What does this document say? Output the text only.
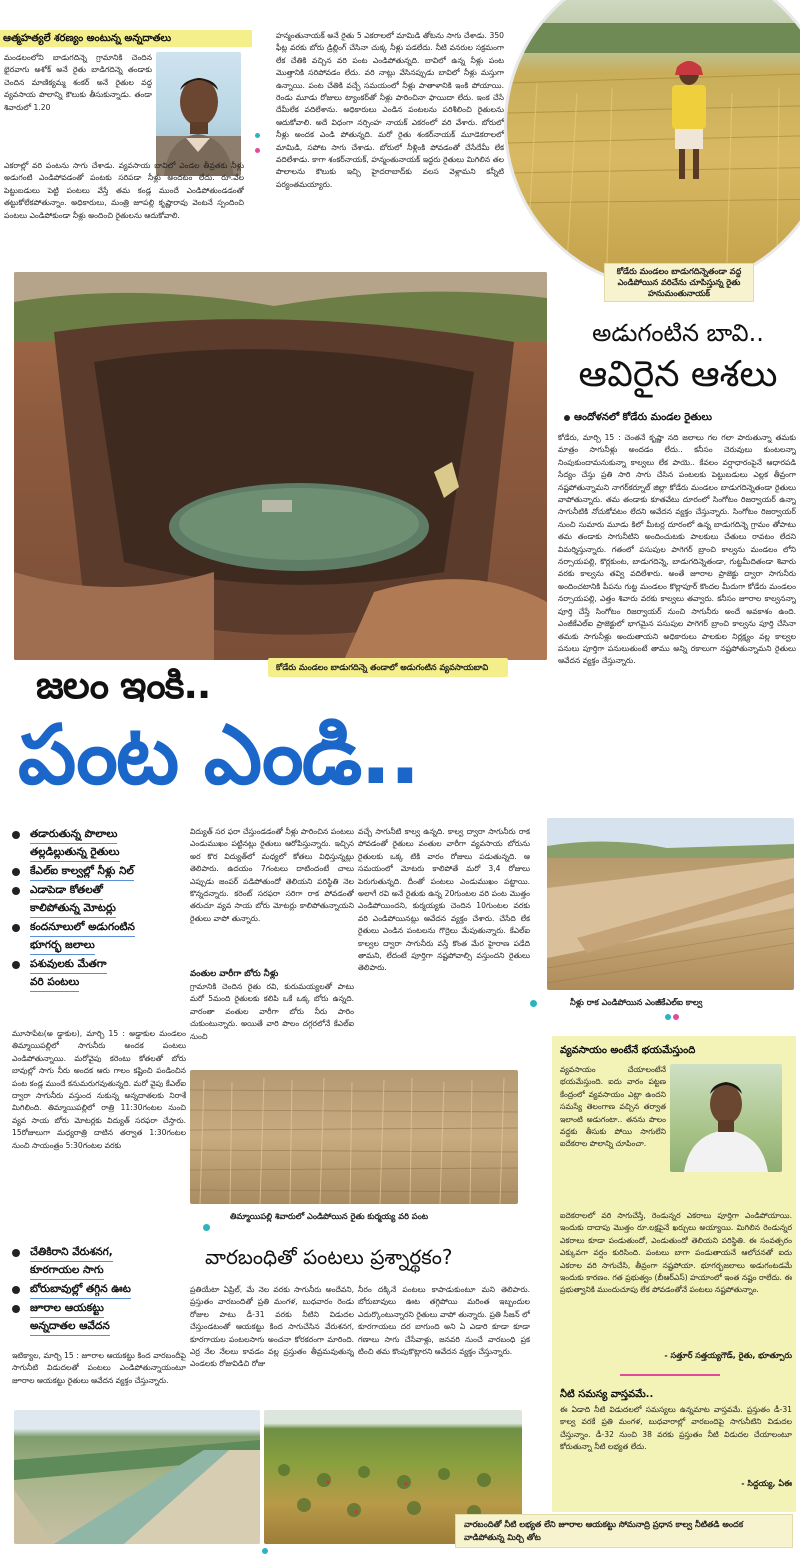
ఆత్మహత్యలే శరణ్యం అంటున్న అన్నదాతలు
మండలంలోని బాడుగదిన్నె గ్రామానికి చెందిన భైరవాగు అశోక్ అనే రైతు బాడిగదిన్నె తండాకు చెందిన మాణిక్యమ్మ శంకర్ అనే రైతుల వద్ద వ్యవసాయ పొలాన్ని కౌలుకు తీసుకున్నాడు. తండా శివారులో 1.20
ఎకరాల్లో వరి పంటను సాగు చేశాడు. వ్యవసాయ బావిలో ఎండల తీవ్రతకు నీళ్లు అడుగంటి ఎండిపోవడంతో పంటకు సరిపడా నీళ్లు అందటం లేదు. రూ.వేల పెట్టుబడులు పెట్టి పంటలు వేస్తే తమ కండ్ల ముందే ఎండిపోతుండడంతో తట్టుకోలేకపోతున్నాం. అధికారులు, మంత్రి జూపల్లి కృష్ణారావు వెంటనే స్పందించి పంటలు ఎండిపోకుండా నీళ్లు అందించి రైతులను ఆదుకోవాలి.
హన్మంతునాయక్ అనే రైతు 5 ఎకరాలలో మామిడి తోటను సాగు చేశాడు. 350 ఫీట్ల వరకు బోరు డ్రిల్లింగ్ చేసినా చుక్క నీళ్లు పడలేదు. నీటి వనరుల సక్రమంగా లేక చేతికి వచ్చిన వరి పంట ఎండిపోతున్నది. బావిలో ఉన్న నీళ్లు పంట మొత్తానికి సరిపోవడం లేదు. వరి నాట్లు వేసినప్పుడు బావిలో నీళ్లు మస్తుగా ఉన్నాయి. పంట చేతికి వచ్చే సమయంలో నీళ్లు పాతాళానికి ఇంకి పోయాయి. రెండు మూడు రోజులు ట్యాంకర్‌తో నీళ్లు పారించినా ఫాయిదా లేదు. ఇంక చేసే దేమీలేక వదిలేశాను. అధికారులు ఎండిన పంటలను పరిశీలించి రైతులను ఆదుకోవాలి. అదే విధంగా నర్సింహ నాయక్ ఎకరంలో వరి వేశారు. బోరులో నీళ్లు అందక ఎండి పోతున్నది. మరో రైతు శంకర్‌నాయక్ మూడెకరాలలో మామిడి, సపోట సాగు చేశాడు. బోరులో నీళ్లింకి పోవడంతో చేసేదేమీ లేక వదిలేశాడు. కాగా శంకర్‌నాయక్, హన్మంతునాయక్ ఇద్దరు రైతులు మిగిలిన తల పొలాలను కౌలుకు ఇచ్చి హైదరాబాద్‌కు వలస వెళ్లామని కన్నీటి పర్యంతమయ్యారు.
కోడేరు మండలం బాడుగదిన్నెతండా వద్ద ఎండిపోయిన వరిచేను చూపిస్తున్న రైతు హనుమంతునాయక్
కోడేరు మండలం బాడుగదిన్నె తండాలో అడుగంటిన వ్యవసాయబావి
అడుగంటిన బావి..
ఆవిరైన ఆశలు
ఆందోళనలో కోడేరు మండల రైతులు
కోడేరు, మార్చి 15 : చెంతనే కృష్ణా నది జలాలు గల గలా పారుతున్నా తమకు మాత్రం సాగునీళ్లు అందడం లేదు.. కనీసం చెరువులు కుంటలన్నా నింపుకుందామనుకున్నా కాల్వలు లేక పాయె.. కేవలం వర్షాధారంపైనే ఆధారపడి సేద్యం చేస్తు ప్రతి సారి సాగు చేసిన పంటలకు పెట్టుబడులు ఎల్లక తీవ్రంగా నష్టపోతున్నామని నాగర్‌కర్నూల్ జిల్లా కోడేరు మండలం బాడుగదిన్నెతండా రైతులు వాపోతున్నారు. తమ తండాకు కూతవేటు దూరంలో సింగోటం రిజర్వాయర్ ఉన్నా సాగునీటికి నోచుకోవటం లేదని ఆవేదన వ్యక్తం చేస్తున్నారు. సింగోటం రిజర్వాయర్ నుంచి సుమారు మూడు కిలో మీటర్ల దూరంలో ఉన్న బాడుగదిన్నె గ్రామం తోపాటు తమ తండాకు సాగునీటిని అందించుటకు పాలకులు చేతులు రావటం లేదని విమర్శిస్తున్నారు. గతంలో పసుపుల పాగెగర్ బ్రాంచి కాల్వను మండలం లోని నర్సాయపల్లి, కొర్లకుంట, బాడుగదిన్నె, బాడుగదిన్నెతండా, గుట్టమీదితండా శివారు వరకు కాల్వను తవ్వి వదిలేశారు. అంతే జూరాల ప్రాజెక్టు ద్వారా సాగునీరు అందించటానికి పీపను గుట్ట మండలం కొల్లాపూర్ కొందల మీదుగా కోడేరు మండలం నర్సాయపల్లి, ఎత్తం శివారు వరకు కాల్వలు తవ్వారు. కనీసం జూరాల కాల్వనన్నా పూర్తి చేస్తే సింగోటం రిజర్వాయర్ నుంచి సాగునీరు అందే అవకాశం ఉంది. ఎంజీకేఎల్ఐ ప్రాజెక్టులో భాగమైన పసుపుల పాగెగర్ బ్రాంచి కాల్వను పూర్తి చేసినా తమకు సాగునీళ్లు అందుతాయని అధికారులు పాలకుల నిర్లక్ష్యం వల్ల కాల్వల పనులు పూర్తిగా పనులుతుంటే తాము అన్ని రకాలుగా నష్టపోతున్నామని రైతులు ఆవేదన వ్యక్తం చేస్తున్నారు.
జలం ఇంకి..
పంట ఎండి..
తడారుతున్న పొలాలు
తల్లడిల్లుతున్న రైతులు
కేఎల్ఐ కాల్వల్లో నీళ్లు నిల్
ఎడాపెడా కోతలతో
కాలిపోతున్న మోటర్లు
కందనూలులో అడుగంటిన
భూగర్భ జలాలు
పశువులకు మేతగా
వరి పంటలు
మూసాపేట(అ డ్డాకుల), మార్చి 15 : అడ్డాకుల మండలం తిమ్మాయిపల్లిలో సాగునీరు అందక పంటలు ఎండిపోతున్నాయి. మరోవైపు కరెంటు కోతలతో బోరు బావుల్లో సాగు నీరు అందక ఆరు గాలం కష్టించి పండించిన పంట కండ్ల ముందే కనుమరుగవుతున్నది. మరో వైపు కేఎల్ఐ ద్వారా సాగునీరు వస్తుంద నుకున్న అన్నదాతలకు నిరాశే మిగిలింది. తిమ్మాయిపల్లిలో రాత్రి 11:30గంటల నుంచి వ్యవ సాయ బోరు మోటర్లకు విద్యుత్ సరఫరా చేస్తారు. 15రోజులుగా మధ్యరాత్రి దాటిన తర్వాత 1:30గంటల నుంచి సాయంత్రం 5:30గంటల వరకు
విద్యుత్ సర ఫరా చేస్తుండడంతో నీళ్లు పారించిన పంటలు ఎండుముఖం పట్టినట్లు రైతులు ఆరోపిస్తున్నారు. ఇచ్చిన అర కొర విద్యుత్‌లో మధ్యలో కోతలు విధిస్తున్నట్లు తెలిపారు. ఉదయం 7గంటలు దాటిందంటే చాలు ఎప్పుడు జంపర్ పడిపోతుందో తెలియని పరిస్థితి నెల కొన్నదన్నారు. కరెంట్ సరఫరా సరిగా రాక పోవడంతో తరుచూ వ్యవ సాయ బోరు మోటర్లు కాలిపోతున్నాయని రైతులు వాపో తున్నారు.
వంతుల వారీగా బోరు నీళ్లు
గ్రామానికి చెందిన రైతు రవి, కురుమయ్యలతో పాటు మరో 5మంది రైతులకు కలిపి ఒకే ఒక్క బోరు ఉన్నది. వారంతా వంతుల వారీగా బోరు నీరు పారిం చుకుంటున్నారు. అయితే వారి పొలం దగ్గరలోనే కేఎల్ఐ నుంచి
వచ్చే సాగునీటి కాల్వ ఉన్నది. కాల్వ ద్వారా సాగునీరు రాక పోవడంతో రైతులు వంతుల వారీగా వ్యవసాయ బోరును రైతులకు ఒక్క టికి వారం రోజులు పడుతున్నది. ఆ సమయంలో మోటరు కాలిపోతే మరో 3,4 రోజులు పెరుగుతున్నది. దీంతో పంటలు ఎండుముఖం పట్టాయి. అలాగే రవి అనే రైతుకు ఉన్న 20గుంటల వరి పంట మొత్తం ఎండిపోయిందని, కుర్మయ్యకు చెందిన 10గుంటల వరకు వరి ఎండిపోయినట్లు ఆవేదన వ్యక్తం చేశారు. చేసేది లేక రైతులు ఎండిన పంటలను గొర్రెలు మేపుతున్నారు. కేఎల్ఐ కాల్వల ద్వారా సాగునీరు వస్తే కొంత మేర హైరాణ పడేది తామని, లేదంటే పూర్తిగా నష్టపోవాల్సి వస్తుందని రైతులు తెలిపారు.
తిమ్మాయిపల్లి శివారులో ఎండిపోయిన రైతు కుర్మయ్య వరి పంట
నీళ్లు రాక ఎండిపోయిన ఎంజీకేఎల్ఐ కాల్వ
వారబంధితో పంటలు ప్రశ్నార్థకం?
చేతికిరాని వేరుశనగ,
కూరగాయల సాగు
బోరుబావుల్లో తగ్గిన ఊట
జూరాల ఆయకట్టు
అన్నదాతల ఆవేదన
ఇటిక్యాల, మార్చి 15 : జూరాల ఆయకట్టు కింద వారబందీపై సాగునీటి విడుదలతో పంటలు ఎండిపోతున్నాయంటూ జూరాల ఆయకట్టు రైతులు ఆవేదన వ్యక్తం చేస్తున్నారు.
ప్రతియేటా ఏప్రిల్, మే నెల వరకు సాగునీరు అందేవని, ప్రస్తుతం వారబందితో ప్రతి మంగళ, బుధవారం రెండు రోజుల పాటు డీ-31 వరకు నీటిని విడుదల చేస్తుండటంతో ఆయకట్టు కింద సాగుచేసిన వేరుశనగ, కూరగాయల పంటలసాగు అంచనా కోరకరంగా మారింది. ఎర్ర నేల నేలలు కావడం వల్ల ప్రస్తుతం తీవ్రమవుతున్న ఎండలకు రోజువిడిచి రోజు
నీరం దక్కినే పంటలు కాపాడుకుంటూ మని తెలిపారు. బోరుబావులు ఊట తగ్గిపోయి మరింత ఇబ్బందుల ఎదుర్కొంటున్నారని రైతులు వాపో తున్నారు. ప్రతి సీజన్ లో కూరగాయలు దర బాగుంది అని ఏ ఎడారి కూడా కూడా గణాలు సాగు చేసేవాళ్లు, జనవరి నుంచే వారబంధి ప్రక టించి తమ కొంపుకొట్లారని ఆవేదన వ్యక్తం చేస్తున్నారు.
వారబందితో నీటి లభ్యత లేని జూరాల ఆయకట్టు సోమనాద్రి ప్రధాన కాల్వ నీటితడి అందక వాడిపోతున్న మిర్చి తోట
వ్యవసాయం అంటేనే భయమేస్తుంది
వ్యవసాయం చేయాలంటేనే భయమేస్తుంది. ఐదు వారం పట్టణ కేంద్రంలో వ్యవసాయం ఎట్లా ఉందని సమస్యే తెలంగాణ వచ్చిన తర్వాత ఇలాంటి అడుగంటా.. తనను పొలం వద్దకు తీసుకు పోయి సాగులేని ఐదేకరాల పొలాన్ని చూపించా.
ఐదెకరాలలో వరి సాగుచేస్తే, రెండున్నర ఎకరాలు పూర్తిగా ఎండిపోయాయి. ఇందుకు దాదాపు మొత్తం రూ.లక్షపైనే ఖర్చులు అయ్యాయి. మిగిలిన రెండున్నర ఎకరాలు కూడా పండుతుందో, ఎండుతుందో తెలియని పరిస్థితి. ఈ సంవత్సరం ఎక్కువగా వర్షం కురిసింది. పంటలు బాగా పండుతాయనే ఆలోచనతో ఐదు ఎకరాల వరి సాగుచేసి, తీవ్రంగా నష్టపోయా. భూగర్భజలాలు అడుగంటడమే ఇందుకు కారణం. గత ప్రభుత్వం (బీఆర్ఎస్) హయాంలో ఇంత నష్టం రాలేదు. ఈ ప్రభుత్వానికి ముందుచూపు లేక పోవడంతోనే పంటలు నష్టపోతున్నాం.
- సత్తూర్ సత్తయ్యగౌడ్, రైతు, భూత్పూరు
నీటి సమస్య వాస్తవమే..
ఈ ఏడాది నీటి విడుదలలో సమస్యలు ఉన్నమాట వాస్తవమే. ప్రస్తుతం డీ-31 కాల్వ వరకే ప్రతి మంగళ, బుధవారాల్లో వారబందిపై సాగునీటిని విడుదల చేస్తున్నాం. డీ-32 నుంచి 38 వరకు ప్రస్తుతం నీటి విడుదల చేయాలంటూ కోరుతున్నా నీటి లభ్యత లేదు.
- సిద్దయ్య, ఏఈ
